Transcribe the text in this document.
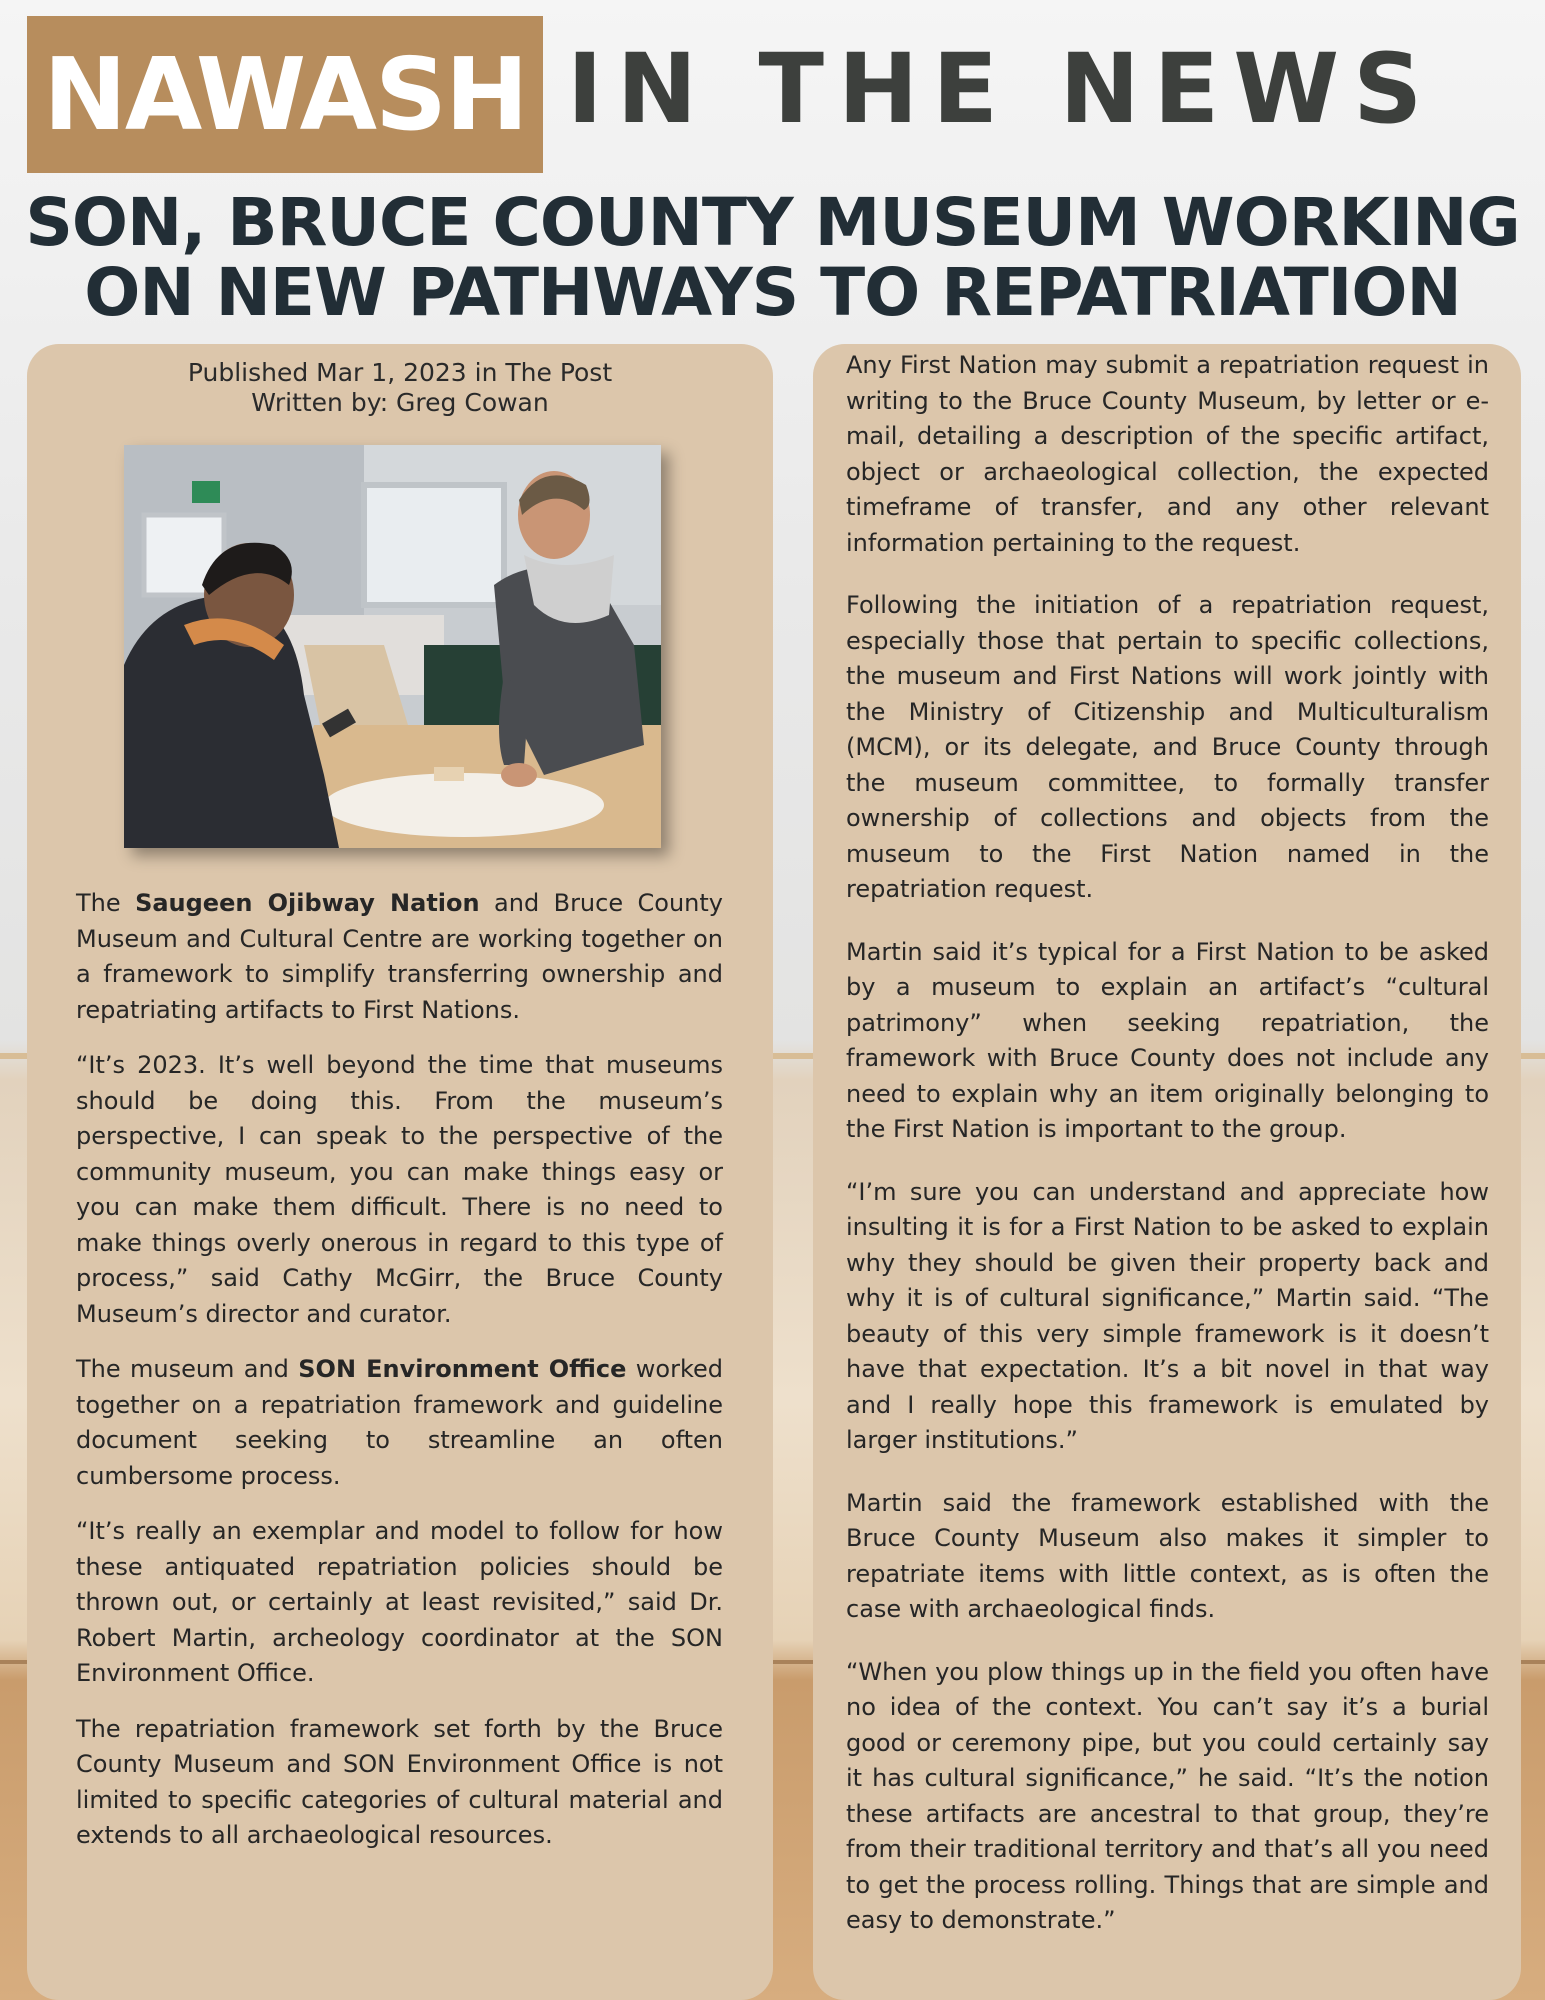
NAWASH IN THE NEWS
SON, BRUCE COUNTY MUSEUM WORKING
ON NEW PATHWAYS TO REPATRIATION
Published Mar 1, 2023 in The Post
Written by: Greg Cowan

The Saugeen Ojibway Nation and Bruce County Museum and Cultural Centre are working together on a framework to simplify transferring ownership and repatriating artifacts to First Nations.

“It’s 2023. It’s well beyond the time that museums should be doing this. From the museum’s perspective, I can speak to the perspective of the community museum, you can make things easy or you can make them difficult. There is no need to make things overly onerous in regard to this type of process,” said Cathy McGirr, the Bruce County Museum’s director and curator.

The museum and SON Environment Office worked together on a repatriation framework and guideline document seeking to streamline an often cumbersome process.

“It’s really an exemplar and model to follow for how these antiquated repatriation policies should be thrown out, or certainly at least revisited,” said Dr. Robert Martin, archeology coordinator at the SON Environment Office.

The repatriation framework set forth by the Bruce County Museum and SON Environment Office is not limited to specific categories of cultural material and extends to all archaeological resources.

Any First Nation may submit a repatriation request in writing to the Bruce County Museum, by letter or e-mail, detailing a description of the specific artifact, object or archaeological collection, the expected timeframe of transfer, and any other relevant information pertaining to the request.

Following the initiation of a repatriation request, especially those that pertain to specific collections, the museum and First Nations will work jointly with the Ministry of Citizenship and Multiculturalism (MCM), or its delegate, and Bruce County through the museum committee, to formally transfer ownership of collections and objects from the museum to the First Nation named in the repatriation request.

Martin said it’s typical for a First Nation to be asked by a museum to explain an artifact’s “cultural patrimony” when seeking repatriation, the framework with Bruce County does not include any need to explain why an item originally belonging to the First Nation is important to the group.

“I’m sure you can understand and appreciate how insulting it is for a First Nation to be asked to explain why they should be given their property back and why it is of cultural significance,” Martin said. “The beauty of this very simple framework is it doesn’t have that expectation. It’s a bit novel in that way and I really hope this framework is emulated by larger institutions.”

Martin said the framework established with the Bruce County Museum also makes it simpler to repatriate items with little context, as is often the case with archaeological finds.

“When you plow things up in the field you often have no idea of the context. You can’t say it’s a burial good or ceremony pipe, but you could certainly say it has cultural significance,” he said. “It’s the notion these artifacts are ancestral to that group, they’re from their traditional territory and that’s all you need to get the process rolling. Things that are simple and easy to demonstrate.”
